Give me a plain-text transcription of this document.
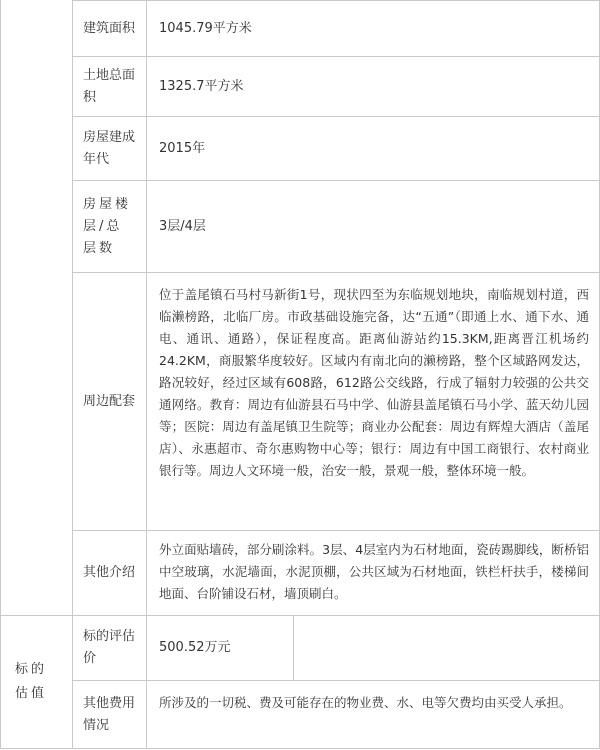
建筑面积	1045.79平方米
土地总面积
1325.7平方米
房屋建成年代
2015年
房屋楼层/总层数
3层/4层
周边配套
位于盖尾镇石马村马新街1号，现状四至为东临规划地块，南临规划村道，西临濑榜路，北临厂房。市政基础设施完备，达“五通”（即通上水、通下水、通电、通讯、通路），保证程度高。距离仙游站约15.3KM,距离晋江机场约24.2KM，商服繁华度较好。区域内有南北向的濑榜路，整个区域路网发达，路况较好，经过区域有608路，612路公交线路，行成了辐射力较强的公共交通网络。教育：周边有仙游县石马中学、仙游县盖尾镇石马小学、蓝天幼儿园等；医院：周边有盖尾镇卫生院等；商业办公配套：周边有辉煌大酒店（盖尾店）、永惠超市、奇尔惠购物中心等；银行：周边有中国工商银行、农村商业银行等。周边人文环境一般，治安一般，景观一般，整体环境一般。
其他介绍
外立面贴墙砖，部分刷涂料。3层、4层室内为石材地面，瓷砖踢脚线，断桥铝中空玻璃，水泥墙面，水泥顶棚，公共区域为石材地面，铁栏杆扶手，楼梯间地面、台阶铺设石材，墙顶刷白。
标的估值
标的评估价
500.52万元
其他费用情况
所涉及的一切税、费及可能存在的物业费、水、电等欠费均由买受人承担。
